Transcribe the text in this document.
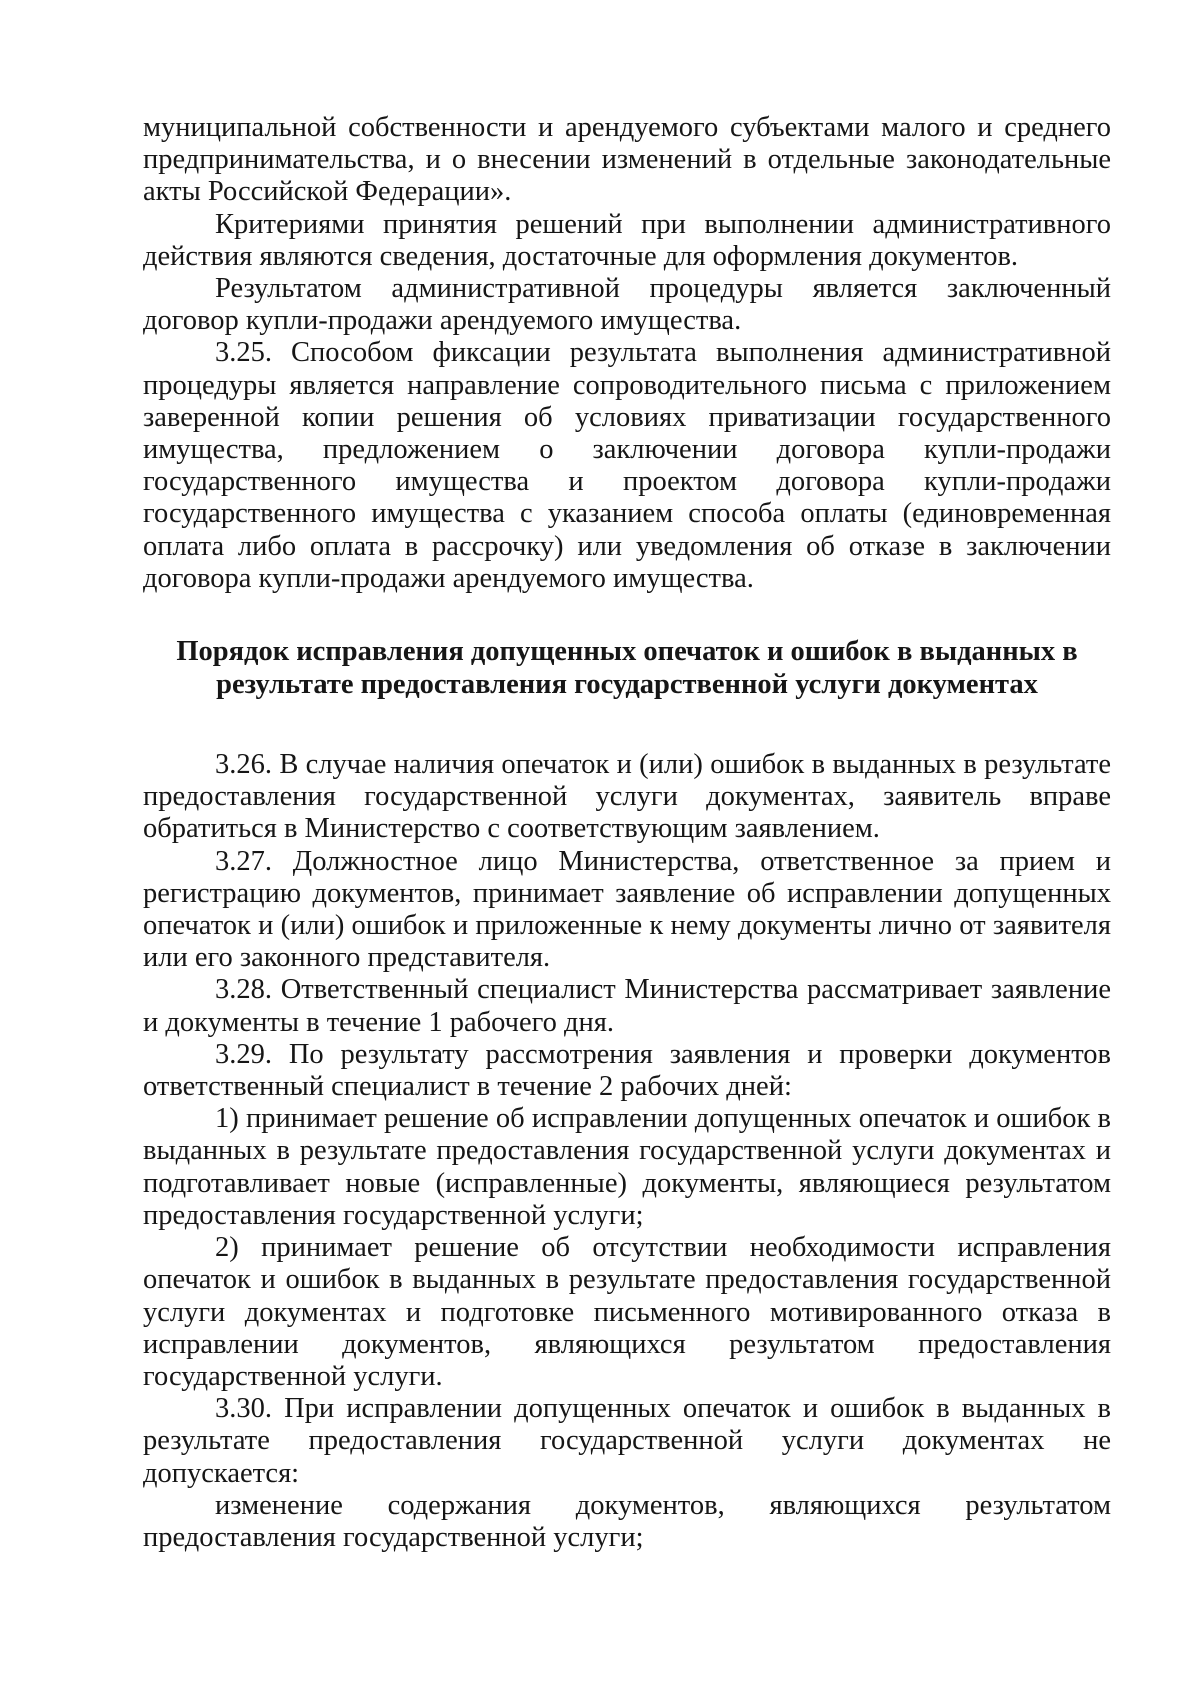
муниципальной собственности и арендуемого субъектами малого и среднего предпринимательства, и о внесении изменений в отдельные законодательные акты Российской Федерации».

Критериями принятия решений при выполнении административного действия являются сведения, достаточные для оформления документов.

Результатом административной процедуры является заключенный договор купли-продажи арендуемого имущества.

3.25. Способом фиксации результата выполнения административной процедуры является направление сопроводительного письма с приложением заверенной копии решения об условиях приватизации государственного имущества, предложением о заключении договора купли-продажи государственного имущества и проектом договора купли-продажи государственного имущества с указанием способа оплаты (единовременная оплата либо оплата в рассрочку) или уведомления об отказе в заключении договора купли-продажи арендуемого имущества.

Порядок исправления допущенных опечаток и ошибок в выданных в результате предоставления государственной услуги документах

3.26. В случае наличия опечаток и (или) ошибок в выданных в результате предоставления государственной услуги документах, заявитель вправе обратиться в Министерство с соответствующим заявлением.

3.27. Должностное лицо Министерства, ответственное за прием и регистрацию документов, принимает заявление об исправлении допущенных опечаток и (или) ошибок и приложенные к нему документы лично от заявителя или его законного представителя.

3.28. Ответственный специалист Министерства рассматривает заявление и документы в течение 1 рабочего дня.

3.29. По результату рассмотрения заявления и проверки документов ответственный специалист в течение 2 рабочих дней:

1) принимает решение об исправлении допущенных опечаток и ошибок в выданных в результате предоставления государственной услуги документах и подготавливает новые (исправленные) документы, являющиеся результатом предоставления государственной услуги;

2) принимает решение об отсутствии необходимости исправления опечаток и ошибок в выданных в результате предоставления государственной услуги документах и подготовке письменного мотивированного отказа в исправлении документов, являющихся результатом предоставления государственной услуги.

3.30. При исправлении допущенных опечаток и ошибок в выданных в результате предоставления государственной услуги документах не допускается:

изменение содержания документов, являющихся результатом предоставления государственной услуги;
